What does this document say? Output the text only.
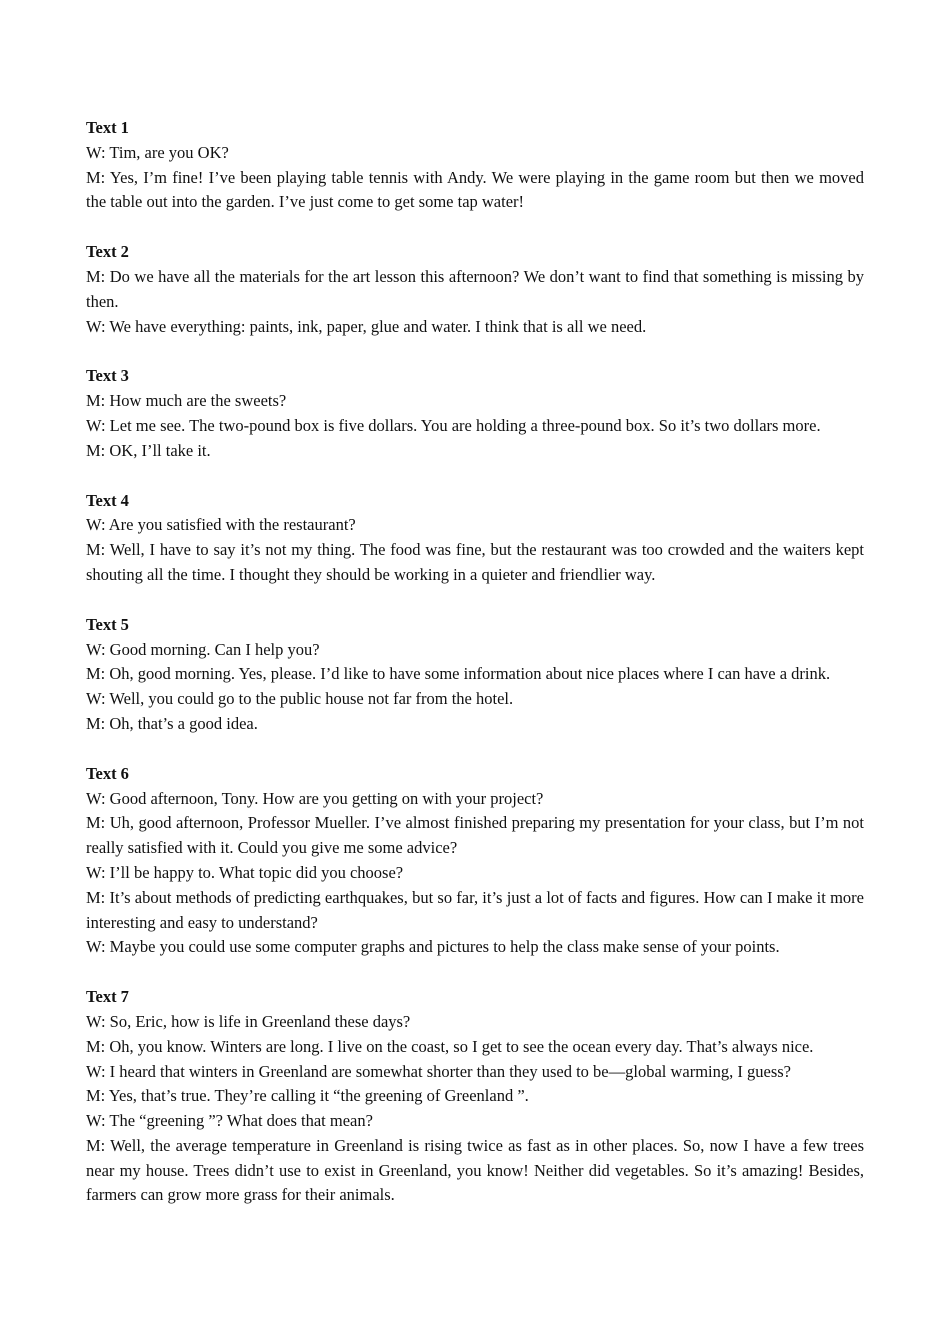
Text 1

W: Tim, are you OK?

M: Yes, I’m fine! I’ve been playing table tennis with Andy. We were playing in the game room but then we moved the table out into the garden. I’ve just come to get some tap water!

Text 2

M: Do we have all the materials for the art lesson this afternoon? We don’t want to find that something is missing by then.

W: We have everything: paints, ink, paper, glue and water. I think that is all we need.

Text 3

M: How much are the sweets?

W: Let me see. The two-pound box is five dollars. You are holding a three-pound box. So it’s two dollars more.

M: OK, I’ll take it.

Text 4

W: Are you satisfied with the restaurant?

M: Well, I have to say it’s not my thing. The food was fine, but the restaurant was too crowded and the waiters kept shouting all the time. I thought they should be working in a quieter and friendlier way.

Text 5

W: Good morning. Can I help you?

M: Oh, good morning. Yes, please. I’d like to have some information about nice places where I can have a drink.

W: Well, you could go to the public house not far from the hotel.

M: Oh, that’s a good idea.

Text 6

W: Good afternoon, Tony. How are you getting on with your project?

M: Uh, good afternoon, Professor Mueller. I’ve almost finished preparing my presentation for your class, but I’m not really satisfied with it. Could you give me some advice?

W: I’ll be happy to. What topic did you choose?

M: It’s about methods of predicting earthquakes, but so far, it’s just a lot of facts and figures. How can I make it more interesting and easy to understand?

W: Maybe you could use some computer graphs and pictures to help the class make sense of your points.

Text 7

W: So, Eric, how is life in Greenland these days?

M: Oh, you know. Winters are long. I live on the coast, so I get to see the ocean every day. That’s always nice.

W: I heard that winters in Greenland are somewhat shorter than they used to be—global warming, I guess?

M: Yes, that’s true. They’re calling it “the greening of Greenland ”.

W: The “greening ”? What does that mean?

M: Well, the average temperature in Greenland is rising twice as fast as in other places. So, now I have a few trees near my house. Trees didn’t use to exist in Greenland, you know! Neither did vegetables. So it’s amazing! Besides, farmers can grow more grass for their animals.
